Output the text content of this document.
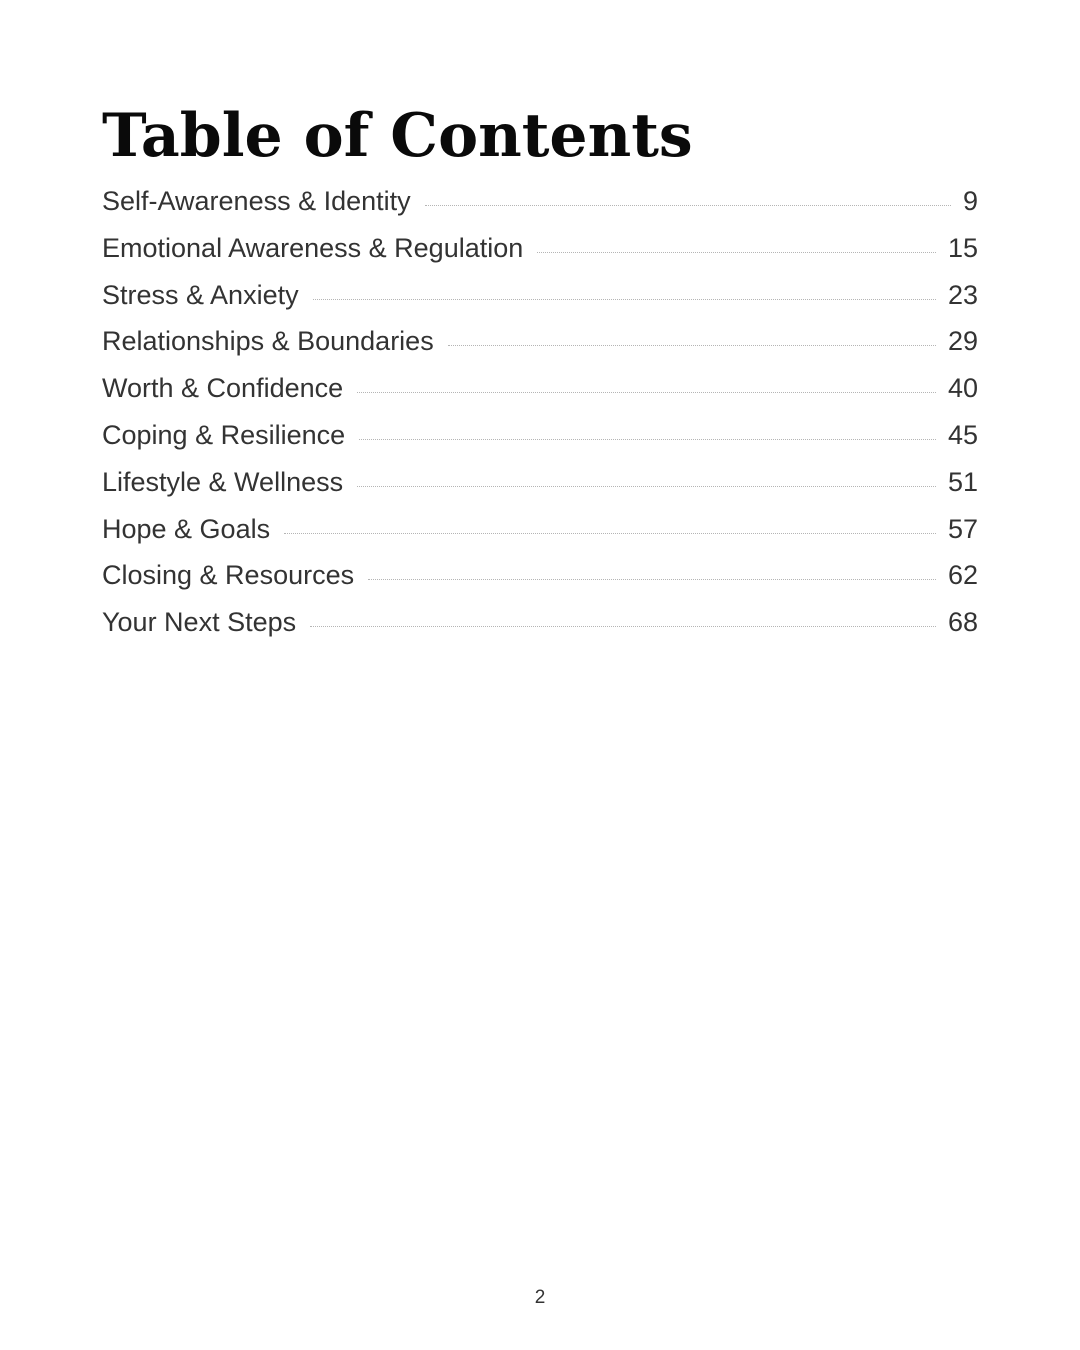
Table of Contents
Self-Awareness & Identity	9
Emotional Awareness & Regulation	15
Stress & Anxiety	23
Relationships & Boundaries	29
Worth & Confidence	40
Coping & Resilience	45
Lifestyle & Wellness	51
Hope & Goals	57
Closing & Resources	62
Your Next Steps	68
2
